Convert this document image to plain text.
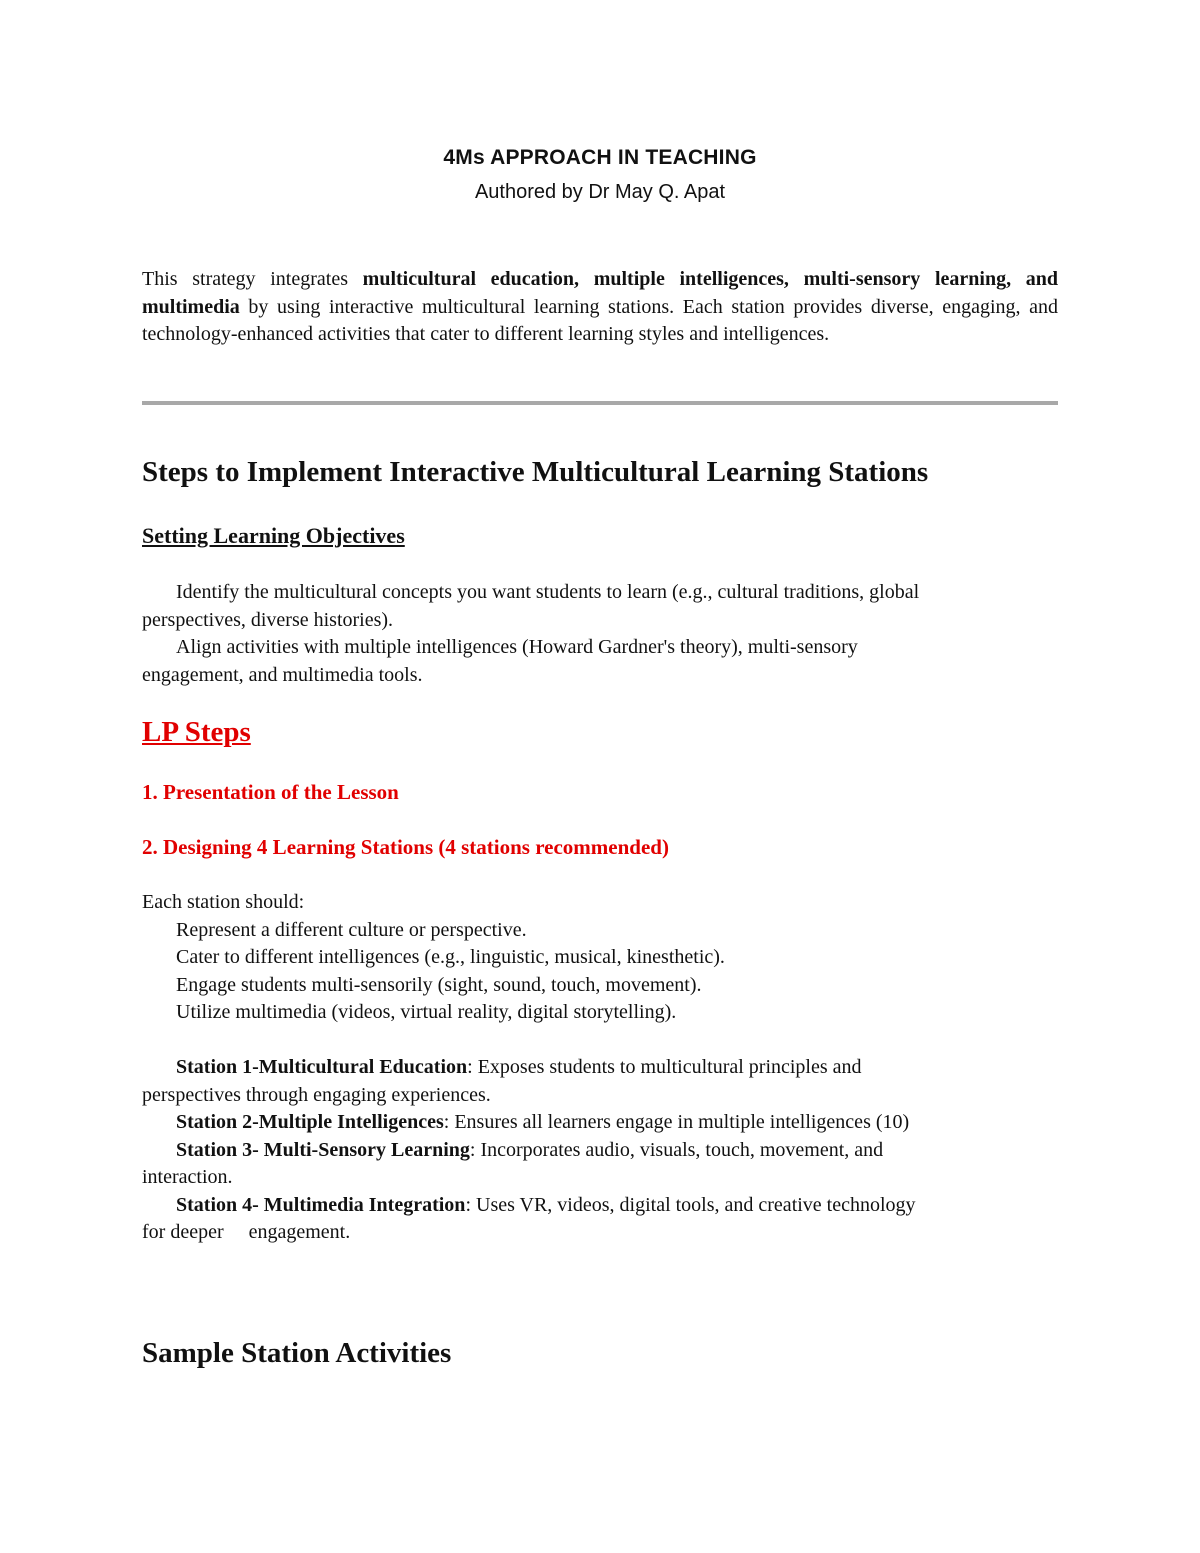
4Ms APPROACH IN TEACHING
Authored by Dr May Q. Apat

This strategy integrates multicultural education, multiple intelligences, multi-sensory learning, and multimedia by using interactive multicultural learning stations. Each station provides diverse, engaging, and technology-enhanced activities that cater to different learning styles and intelligences.

Steps to Implement Interactive Multicultural Learning Stations
Setting Learning Objectives

Identify the multicultural concepts you want students to learn (e.g., cultural traditions, global

perspectives, diverse histories).

Align activities with multiple intelligences (Howard Gardner's theory), multi-sensory

engagement, and multimedia tools.

LP Steps
1. Presentation of the Lesson
2. Designing 4 Learning Stations (4 stations recommended)

Each station should:

Represent a different culture or perspective.

Cater to different intelligences (e.g., linguistic, musical, kinesthetic).

Engage students multi-sensorily (sight, sound, touch, movement).

Utilize multimedia (videos, virtual reality, digital storytelling).

Station 1-Multicultural Education: Exposes students to multicultural principles and

perspectives through engaging experiences.

Station 2-Multiple Intelligences: Ensures all learners engage in multiple intelligences (10)

Station 3- Multi-Sensory Learning: Incorporates audio, visuals, touch, movement, and

interaction.

Station 4- Multimedia Integration: Uses VR, videos, digital tools, and creative technology

for deeper     engagement.

Sample Station Activities
